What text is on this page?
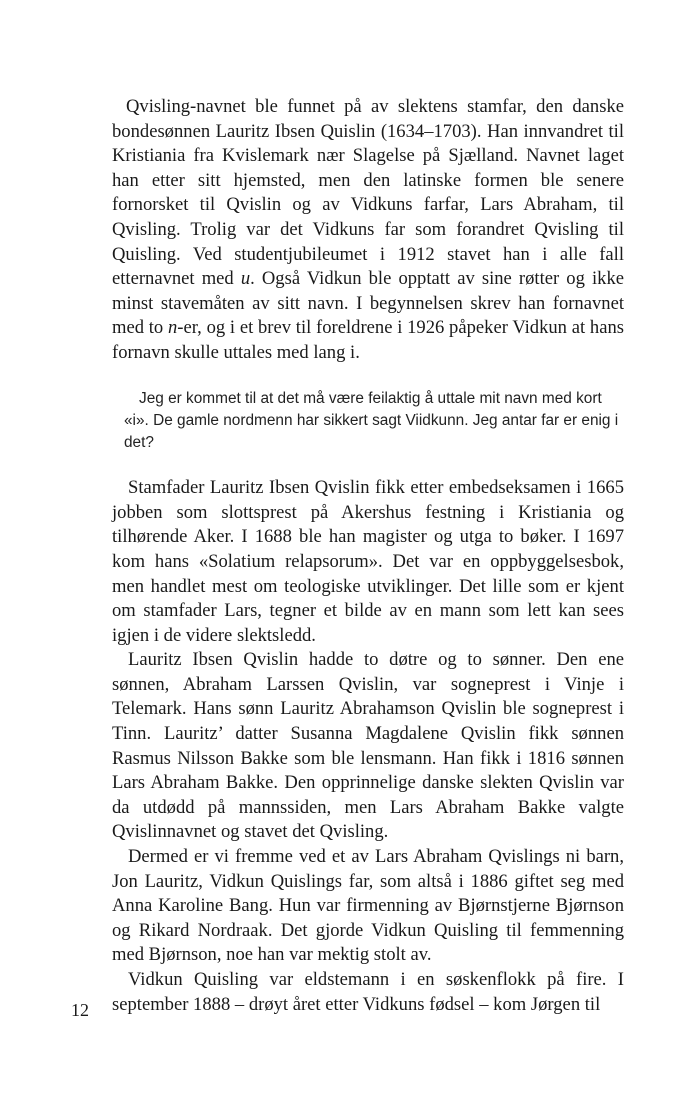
Qvisling-navnet ble funnet på av slektens stamfar, den danske bondesønnen Lauritz Ibsen Quislin (1634–1703). Han innvandret til Kristiania fra Kvislemark nær Slagelse på Sjælland. Navnet laget han etter sitt hjemsted, men den latinske formen ble senere fornorsket til Qvislin og av Vidkuns farfar, Lars Abraham, til Qvisling. Trolig var det Vidkuns far som forandret Qvisling til Quisling. Ved studentjubileumet i 1912 stavet han i alle fall etternavnet med u. Også Vidkun ble opptatt av sine røtter og ikke minst stavemåten av sitt navn. I begynnelsen skrev han fornavnet med to n-er, og i et brev til foreldrene i 1926 påpeker Vidkun at hans fornavn skulle uttales med lang i.

Jeg er kommet til at det må være feilaktig å uttale mit navn med kort «i». De gamle nordmenn har sikkert sagt Viidkunn. Jeg antar far er enig i det?

Stamfader Lauritz Ibsen Qvislin fikk etter embedseksamen i 1665 jobben som slottsprest på Akershus festning i Kristiania og tilhørende Aker. I 1688 ble han magister og utga to bøker. I 1697 kom hans «Solatium relapsorum». Det var en oppbyggelsesbok, men handlet mest om teologiske utviklinger. Det lille som er kjent om stamfader Lars, tegner et bilde av en mann som lett kan sees igjen i de videre slektsledd.

Lauritz Ibsen Qvislin hadde to døtre og to sønner. Den ene sønnen, Abraham Larssen Qvislin, var sogneprest i Vinje i Telemark. Hans sønn Lauritz Abrahamson Qvislin ble sogneprest i Tinn. Lauritz’ datter Susanna Magdalene Qvislin fikk sønnen Rasmus Nilsson Bakke som ble lensmann. Han fikk i 1816 sønnen Lars Abraham Bakke. Den opprinnelige danske slekten Qvislin var da utdødd på mannssiden, men Lars Abraham Bakke valgte Qvislinnavnet og stavet det Qvisling.

Dermed er vi fremme ved et av Lars Abraham Qvislings ni barn, Jon Lauritz, Vidkun Quislings far, som altså i 1886 giftet seg med Anna Karoline Bang. Hun var firmenning av Bjørnstjerne Bjørnson og Rikard Nordraak. Det gjorde Vidkun Quisling til femmenning med Bjørnson, noe han var mektig stolt av.

Vidkun Quisling var eldstemann i en søskenflokk på fire. I september 1888 – drøyt året etter Vidkuns fødsel – kom Jørgen til

12
